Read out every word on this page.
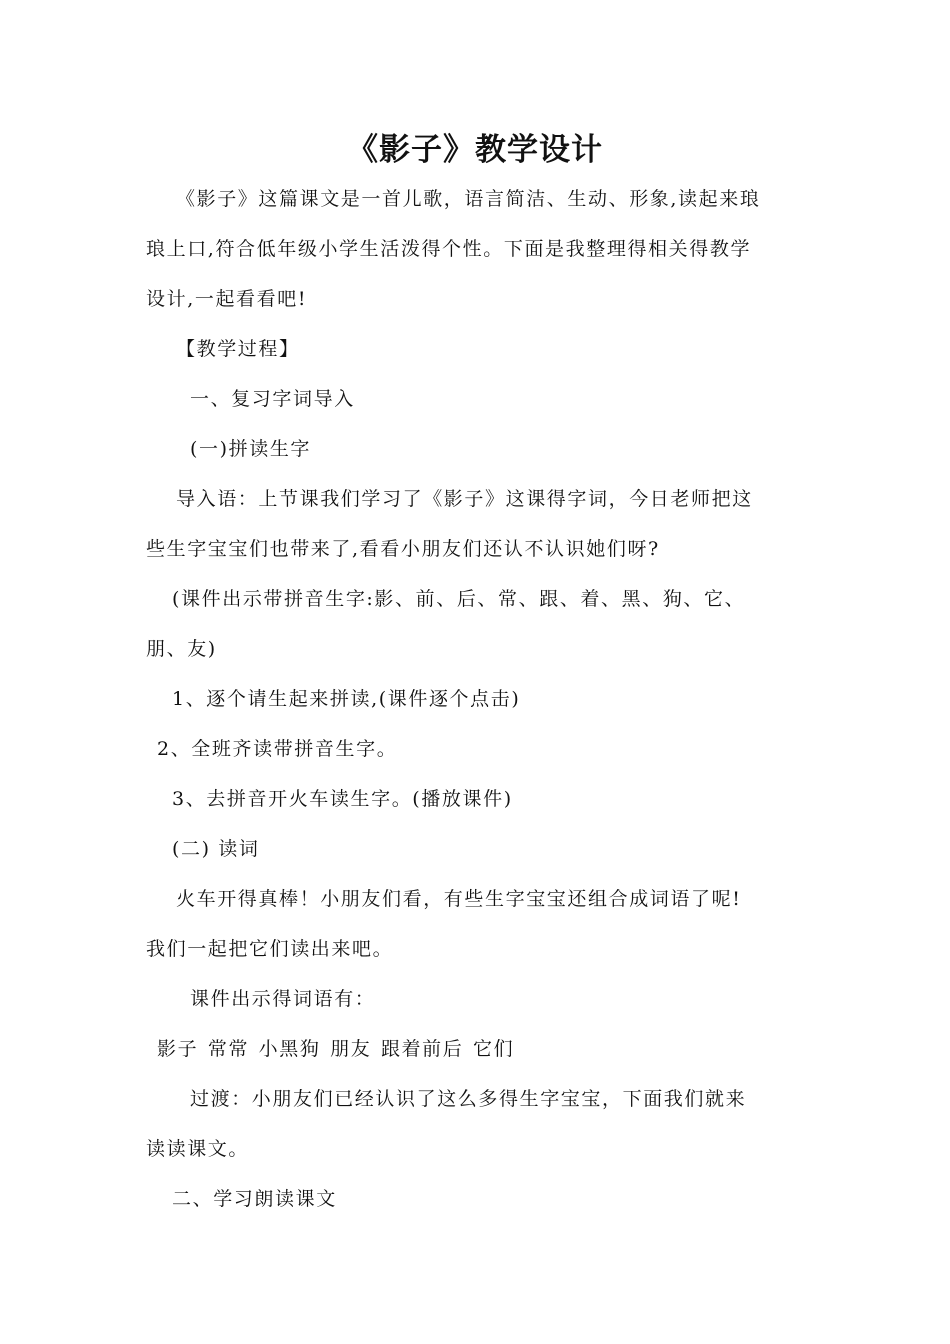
《影子》教学设计
《影子》这篇课文是一首儿歌，语言简洁、生动、形象,读起来琅
琅上口,符合低年级小学生活泼得个性。下面是我整理得相关得教学
设计,一起看看吧!
【教学过程】
一、复习字词导入
(一)拼读生字
导入语：上节课我们学习了《影子》这课得字词，今日老师把这
些生字宝宝们也带来了,看看小朋友们还认不认识她们呀?
(课件出示带拼音生字:影、前、后、常、跟、着、黑、狗、它、
朋、友)
1、逐个请生起来拼读,(课件逐个点击)
2、全班齐读带拼音生字。
3、去拼音开火车读生字。(播放课件)
(二) 读词
火车开得真棒！小朋友们看，有些生字宝宝还组合成词语了呢!
我们一起把它们读出来吧。
课件出示得词语有：
影子 常常 小黑狗 朋友 跟着前后 它们
过渡：小朋友们已经认识了这么多得生字宝宝，下面我们就来
读读课文。
二、学习朗读课文
